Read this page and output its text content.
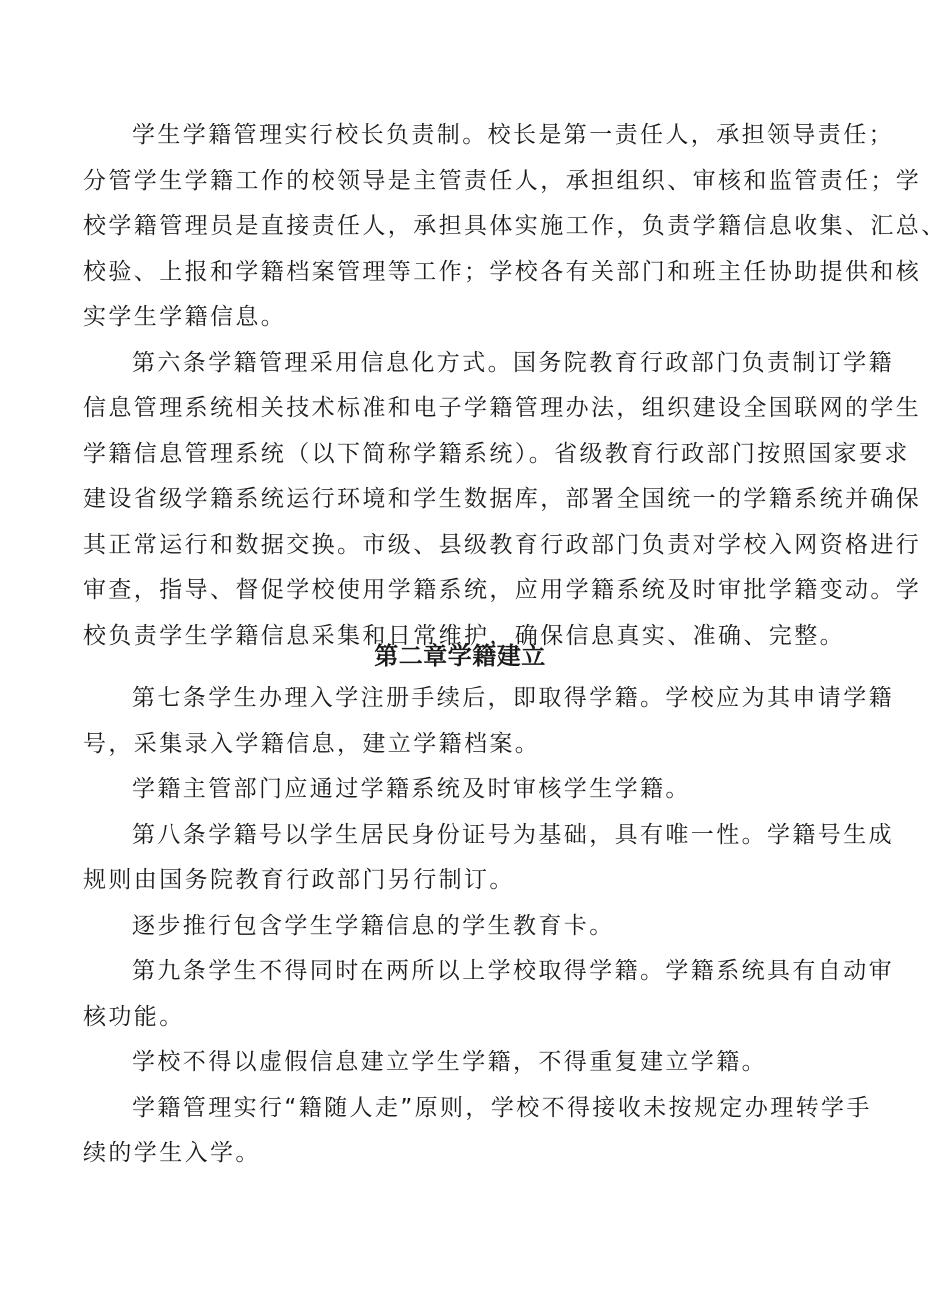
学生学籍管理实行校长负责制。校长是第一责任人，承担领导责任；
分管学生学籍工作的校领导是主管责任人，承担组织、审核和监管责任；学
校学籍管理员是直接责任人，承担具体实施工作，负责学籍信息收集、汇总、
校验、上报和学籍档案管理等工作；学校各有关部门和班主任协助提供和核
实学生学籍信息。
第六条学籍管理采用信息化方式。国务院教育行政部门负责制订学籍
信息管理系统相关技术标准和电子学籍管理办法，组织建设全国联网的学生
学籍信息管理系统（以下简称学籍系统）。省级教育行政部门按照国家要求
建设省级学籍系统运行环境和学生数据库，部署全国统一的学籍系统并确保
其正常运行和数据交换。市级、县级教育行政部门负责对学校入网资格进行
审查，指导、督促学校使用学籍系统，应用学籍系统及时审批学籍变动。学
校负责学生学籍信息采集和日常维护，确保信息真实、准确、完整。
第二章学籍建立
第七条学生办理入学注册手续后，即取得学籍。学校应为其申请学籍
号，采集录入学籍信息，建立学籍档案。
学籍主管部门应通过学籍系统及时审核学生学籍。
第八条学籍号以学生居民身份证号为基础，具有唯一性。学籍号生成
规则由国务院教育行政部门另行制订。
逐步推行包含学生学籍信息的学生教育卡。
第九条学生不得同时在两所以上学校取得学籍。学籍系统具有自动审
核功能。
学校不得以虚假信息建立学生学籍，不得重复建立学籍。
学籍管理实行“籍随人走”原则，学校不得接收未按规定办理转学手
续的学生入学。
